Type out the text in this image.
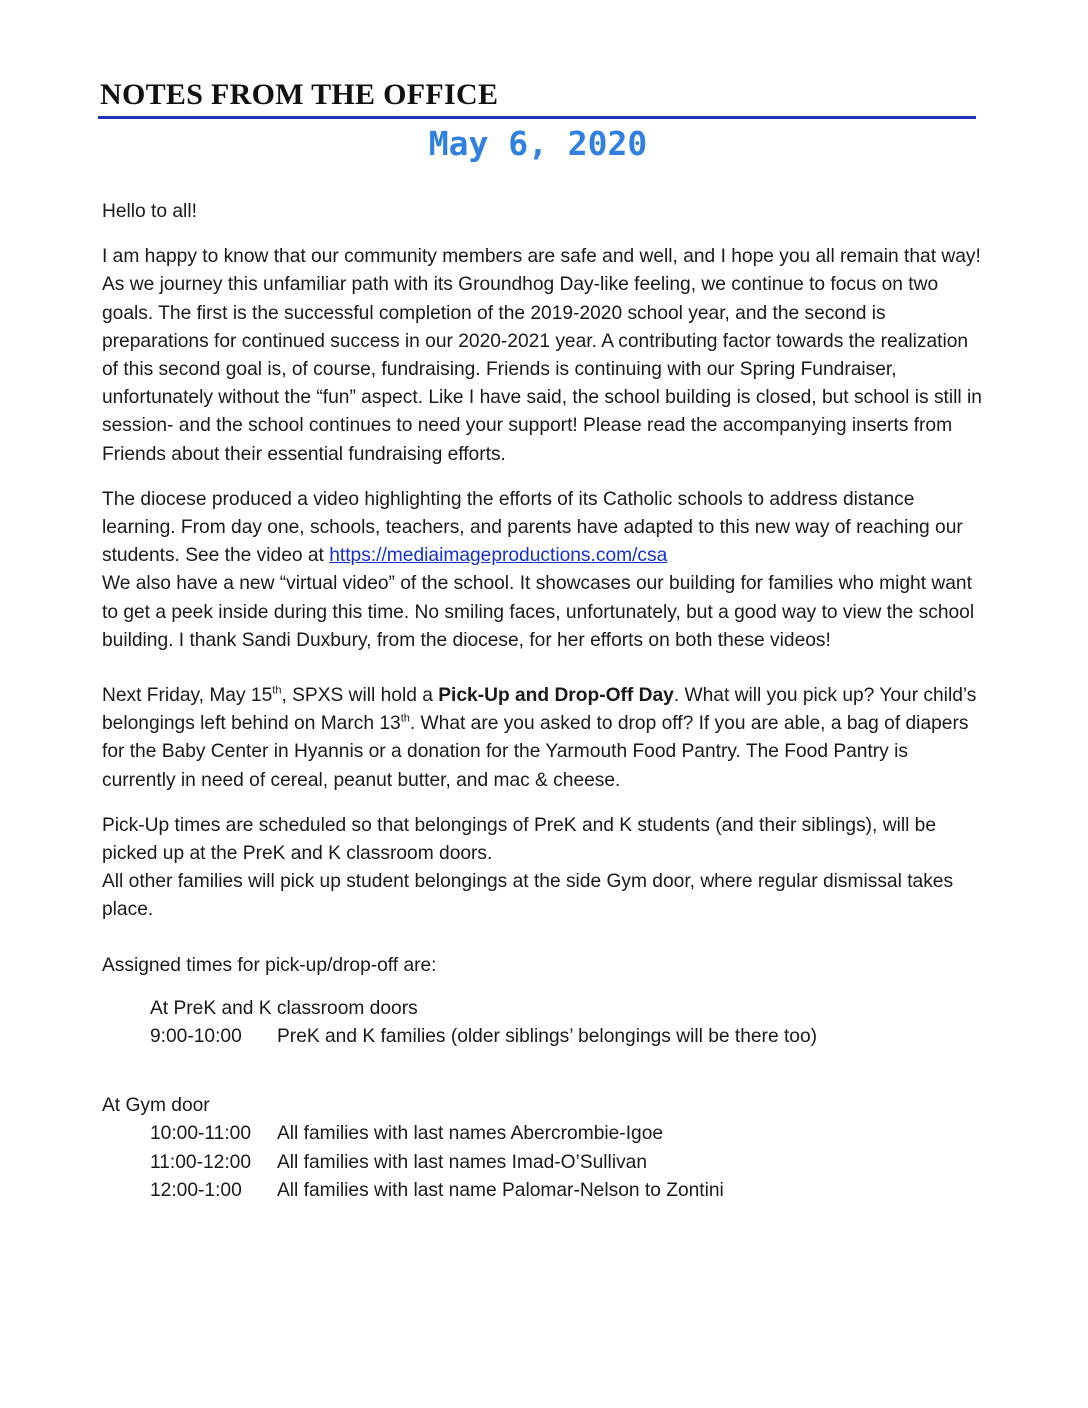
NOTES FROM THE OFFICE
May 6, 2020

Hello to all!

I am happy to know that our community members are safe and well, and I hope you all remain that way! As we journey this unfamiliar path with its Groundhog Day-like feeling, we continue to focus on two goals. The first is the successful completion of the 2019-2020 school year, and the second is preparations for continued success in our 2020-2021 year. A contributing factor towards the realization of this second goal is, of course, fundraising. Friends is continuing with our Spring Fundraiser, unfortunately without the “fun” aspect. Like I have said, the school building is closed, but school is still in session- and the school continues to need your support! Please read the accompanying inserts from Friends about their essential fundraising efforts.

The diocese produced a video highlighting the efforts of its Catholic schools to address distance learning. From day one, schools, teachers, and parents have adapted to this new way of reaching our students. See the video at https://mediaimageproductions.com/csa
We also have a new “virtual video” of the school. It showcases our building for families who might want to get a peek inside during this time. No smiling faces, unfortunately, but a good way to view the school building. I thank Sandi Duxbury, from the diocese, for her efforts on both these videos!

Next Friday, May 15th, SPXS will hold a Pick-Up and Drop-Off Day. What will you pick up? Your child’s belongings left behind on March 13th. What are you asked to drop off? If you are able, a bag of diapers for the Baby Center in Hyannis or a donation for the Yarmouth Food Pantry. The Food Pantry is currently in need of cereal, peanut butter, and mac & cheese.

Pick-Up times are scheduled so that belongings of PreK and K students (and their siblings), will be picked up at the PreK and K classroom doors.
All other families will pick up student belongings at the side Gym door, where regular dismissal takes place.

Assigned times for pick-up/drop-off are:

At PreK and K classroom doors
9:00-10:00	PreK and K families (older siblings’ belongings will be there too)
At Gym door
10:00-11:00	All families with last names Abercrombie-Igoe
11:00-12:00	All families with last names Imad-O’Sullivan
12:00-1:00	All families with last name Palomar-Nelson to Zontini
